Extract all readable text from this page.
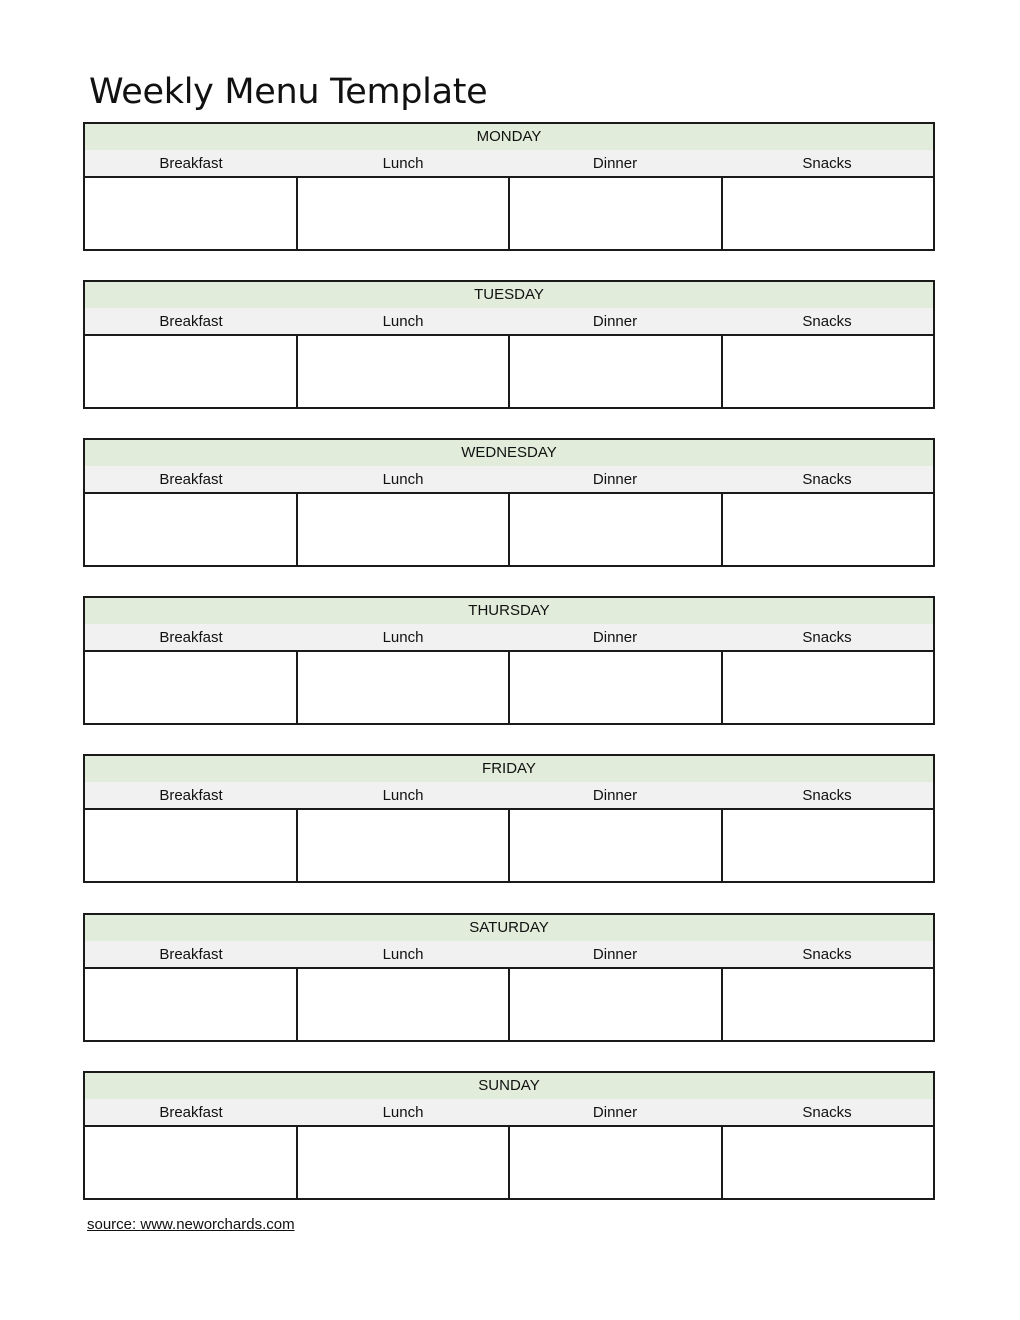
Weekly Menu Template
MONDAY
Breakfast	Lunch	Dinner	Snacks
TUESDAY
Breakfast	Lunch	Dinner	Snacks
WEDNESDAY
Breakfast	Lunch	Dinner	Snacks
THURSDAY
Breakfast	Lunch	Dinner	Snacks
FRIDAY
Breakfast	Lunch	Dinner	Snacks
SATURDAY
Breakfast	Lunch	Dinner	Snacks
SUNDAY
Breakfast	Lunch	Dinner	Snacks
source: www.neworchards.com
